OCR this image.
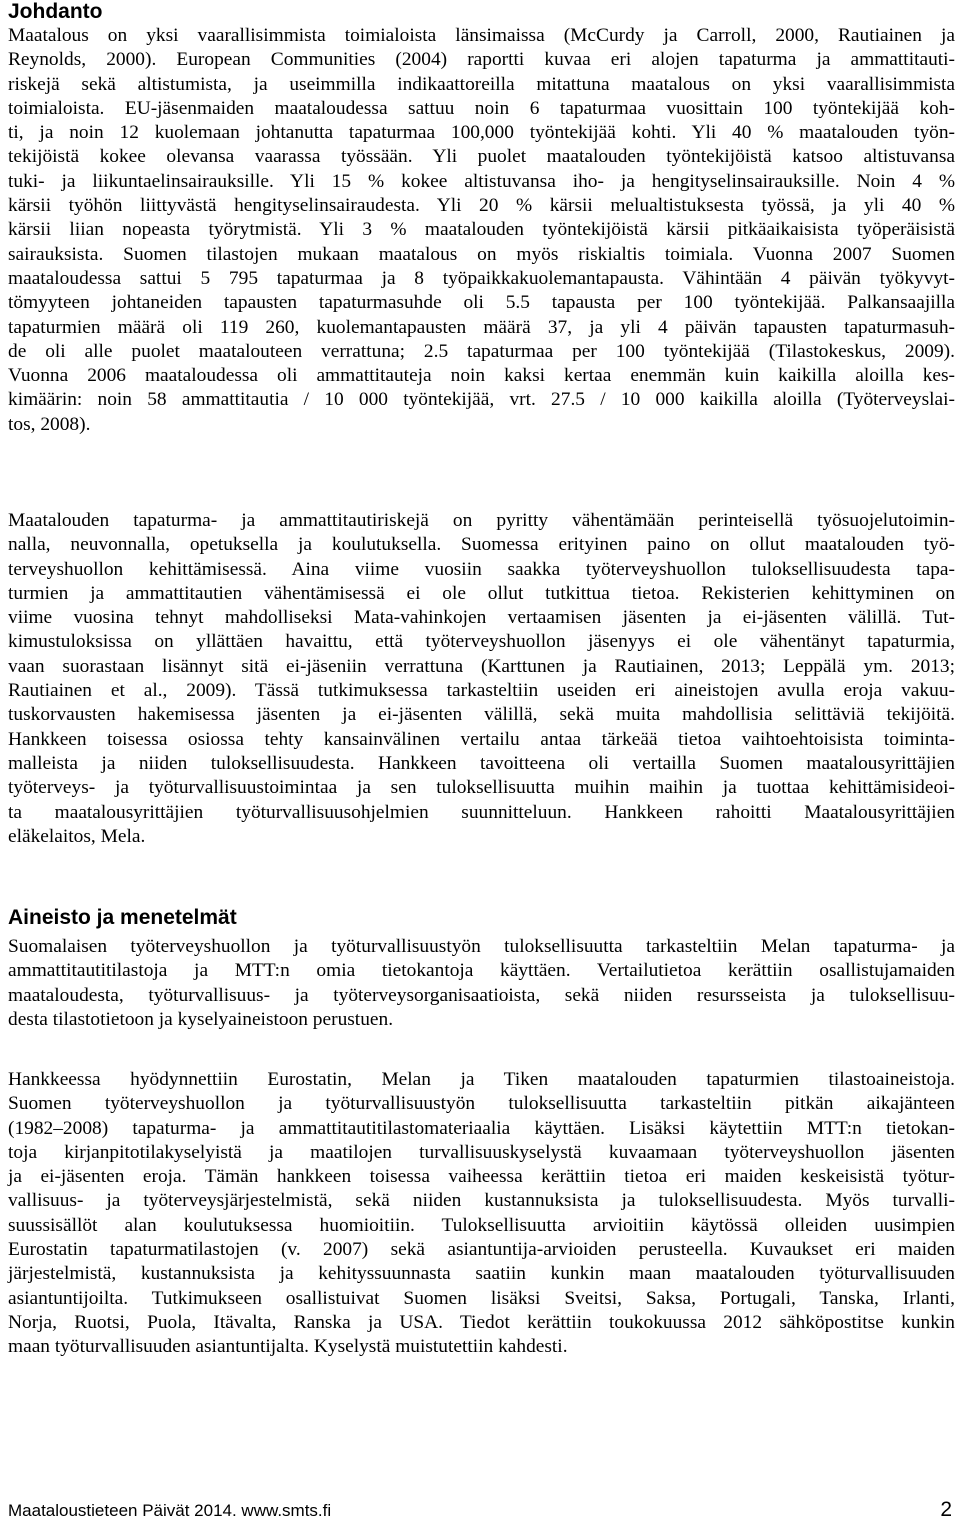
Johdanto
Maatalous on yksi vaarallisimmista toimialoista länsimaissa (McCurdy ja Carroll, 2000, Rautiainen ja
Reynolds, 2000). European Communities (2004) raportti kuvaa eri alojen tapaturma ja ammattitauti-
riskejä sekä altistumista, ja useimmilla indikaattoreilla mitattuna maatalous on yksi vaarallisimmista
toimialoista. EU-jäsenmaiden maataloudessa sattuu noin 6 tapaturmaa vuosittain 100 työntekijää koh-
ti, ja noin 12 kuolemaan johtanutta tapaturmaa 100,000 työntekijää kohti. Yli 40 % maatalouden työn-
tekijöistä kokee olevansa vaarassa työssään. Yli puolet maatalouden työntekijöistä katsoo altistuvansa
tuki- ja liikuntaelinsairauksille. Yli 15 % kokee altistuvansa iho- ja hengityselinsairauksille. Noin 4 %
kärsii työhön liittyvästä hengityselinsairaudesta. Yli 20 % kärsii melualtistuksesta työssä, ja yli 40 %
kärsii liian nopeasta työrytmistä. Yli 3 % maatalouden työntekijöistä kärsii pitkäaikaisista työperäisistä
sairauksista. Suomen tilastojen mukaan maatalous on myös riskialtis toimiala. Vuonna 2007 Suomen
maataloudessa sattui 5 795 tapaturmaa ja 8 työpaikkakuolemantapausta. Vähintään 4 päivän työkyvyt-
tömyyteen johtaneiden tapausten tapaturmasuhde oli 5.5 tapausta per 100 työntekijää. Palkansaajilla
tapaturmien määrä oli 119 260, kuolemantapausten määrä 37, ja yli 4 päivän tapausten tapaturmasuh-
de oli alle puolet maatalouteen verrattuna; 2.5 tapaturmaa per 100 työntekijää (Tilastokeskus, 2009).
Vuonna 2006 maataloudessa oli ammattitauteja noin kaksi kertaa enemmän kuin kaikilla aloilla kes-
kimäärin: noin 58 ammattitautia / 10 000 työntekijää, vrt. 27.5 / 10 000 kaikilla aloilla (Työterveyslai-
tos, 2008).
Maatalouden tapaturma- ja ammattitautiriskejä on pyritty vähentämään perinteisellä työsuojelutoimin-
nalla, neuvonnalla, opetuksella ja koulutuksella. Suomessa erityinen paino on ollut maatalouden työ-
terveyshuollon kehittämisessä. Aina viime vuosiin saakka työterveyshuollon tuloksellisuudesta tapa-
turmien ja ammattitautien vähentämisessä ei ole ollut tutkittua tietoa. Rekisterien kehittyminen on
viime vuosina tehnyt mahdolliseksi Mata-vahinkojen vertaamisen jäsenten ja ei-jäsenten välillä. Tut-
kimustuloksissa on yllättäen havaittu, että työterveyshuollon jäsenyys ei ole vähentänyt tapaturmia,
vaan suorastaan lisännyt sitä ei-jäseniin verrattuna (Karttunen ja Rautiainen, 2013; Leppälä ym. 2013;
Rautiainen et al., 2009). Tässä tutkimuksessa tarkasteltiin useiden eri aineistojen avulla eroja vakuu-
tuskorvausten hakemisessa jäsenten ja ei-jäsenten välillä, sekä muita mahdollisia selittäviä tekijöitä.
Hankkeen toisessa osiossa tehty kansainvälinen vertailu antaa tärkeää tietoa vaihtoehtoisista toiminta-
malleista ja niiden tuloksellisuudesta. Hankkeen tavoitteena oli vertailla Suomen maatalousyrittäjien
työterveys- ja työturvallisuustoimintaa ja sen tuloksellisuutta muihin maihin ja tuottaa kehittämisideoi-
ta maatalousyrittäjien työturvallisuusohjelmien suunnitteluun. Hankkeen rahoitti Maatalousyrittäjien
eläkelaitos, Mela.
Aineisto ja menetelmät
Suomalaisen työterveyshuollon ja työturvallisuustyön tuloksellisuutta tarkasteltiin Melan tapaturma- ja
ammattitautitilastoja ja MTT:n omia tietokantoja käyttäen. Vertailutietoa kerättiin osallistujamaiden
maataloudesta, työturvallisuus- ja työterveysorganisaatioista, sekä niiden resursseista ja tuloksellisuu-
desta tilastotietoon ja kyselyaineistoon perustuen.
Hankkeessa hyödynnettiin Eurostatin, Melan ja Tiken maatalouden tapaturmien tilastoaineistoja.
Suomen työterveyshuollon ja työturvallisuustyön tuloksellisuutta tarkasteltiin pitkän aikajänteen
(1982–2008) tapaturma- ja ammattitautitilastomateriaalia käyttäen. Lisäksi käytettiin MTT:n tietokan-
toja kirjanpitotilakyselyistä ja maatilojen turvallisuuskyselystä kuvaamaan työterveyshuollon jäsenten
ja ei-jäsenten eroja. Tämän hankkeen toisessa vaiheessa kerättiin tietoa eri maiden keskeisistä työtur-
vallisuus- ja työterveysjärjestelmistä, sekä niiden kustannuksista ja tuloksellisuudesta. Myös turvalli-
suussisällöt alan koulutuksessa huomioitiin. Tuloksellisuutta arvioitiin käytössä olleiden uusimpien
Eurostatin tapaturmatilastojen (v. 2007) sekä asiantuntija-arvioiden perusteella. Kuvaukset eri maiden
järjestelmistä, kustannuksista ja kehityssuunnasta saatiin kunkin maan maatalouden työturvallisuuden
asiantuntijoilta. Tutkimukseen osallistuivat Suomen lisäksi Sveitsi, Saksa, Portugali, Tanska, Irlanti,
Norja, Ruotsi, Puola, Itävalta, Ranska ja USA. Tiedot kerättiin toukokuussa 2012 sähköpostitse kunkin
maan työturvallisuuden asiantuntijalta. Kyselystä muistutettiin kahdesti.
Maataloustieteen Päivät 2014. www.smts.fi	2
